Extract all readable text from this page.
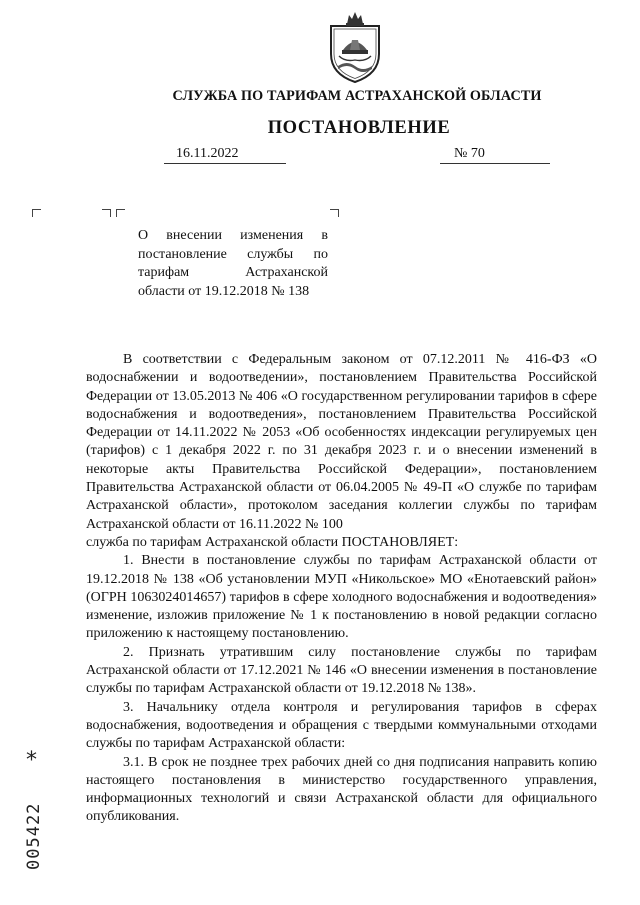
СЛУЖБА ПО ТАРИФАМ АСТРАХАНСКОЙ ОБЛАСТИ
ПОСТАНОВЛЕНИЕ
16.11.2022	№ 70
О внесении изменения в
постановление службы по
тарифам Астраханской
области от 19.12.2018 № 138

В соответствии с Федеральным законом от 07.12.2011 № 416-ФЗ «О водоснабжении и водоотведении», постановлением Правительства Российской Федерации от 13.05.2013 № 406 «О государственном регулировании тарифов в сфере водоснабжения и водоотведения», постановлением Правительства Российской Федерации от 14.11.2022 № 2053 «Об особенностях индексации регулируемых цен (тарифов) с 1 декабря 2022 г. по 31 декабря 2023 г. и о внесении изменений в некоторые акты Правительства Российской Федерации», постановлением Правительства Астраханской области от 06.04.2005 № 49-П «О службе по тарифам Астраханской области», протоколом заседания коллегии службы по тарифам Астраханской области от 16.11.2022 № 100

служба по тарифам Астраханской области ПОСТАНОВЛЯЕТ:

1. Внести в постановление службы по тарифам Астраханской области от 19.12.2018 № 138 «Об установлении МУП «Никольское» МО «Енотаевский район» (ОГРН 1063024014657) тарифов в сфере холодного водоснабжения и водоотведения» изменение, изложив приложение № 1 к постановлению в новой редакции согласно приложению к настоящему постановлению.

2. Признать утратившим силу постановление службы по тарифам Астраханской области от 17.12.2021 № 146 «О внесении изменения в постановление службы по тарифам Астраханской области от 19.12.2018 № 138».

3. Начальнику отдела контроля и регулирования тарифов в сферах водоснабжения, водоотведения и обращения с твердыми коммунальными отходами службы по тарифам Астраханской области:

3.1. В срок не позднее трех рабочих дней со дня подписания направить копию настоящего постановления в министерство государственного управления, информационных технологий и связи Астраханской области для официального опубликования.

*
005422
